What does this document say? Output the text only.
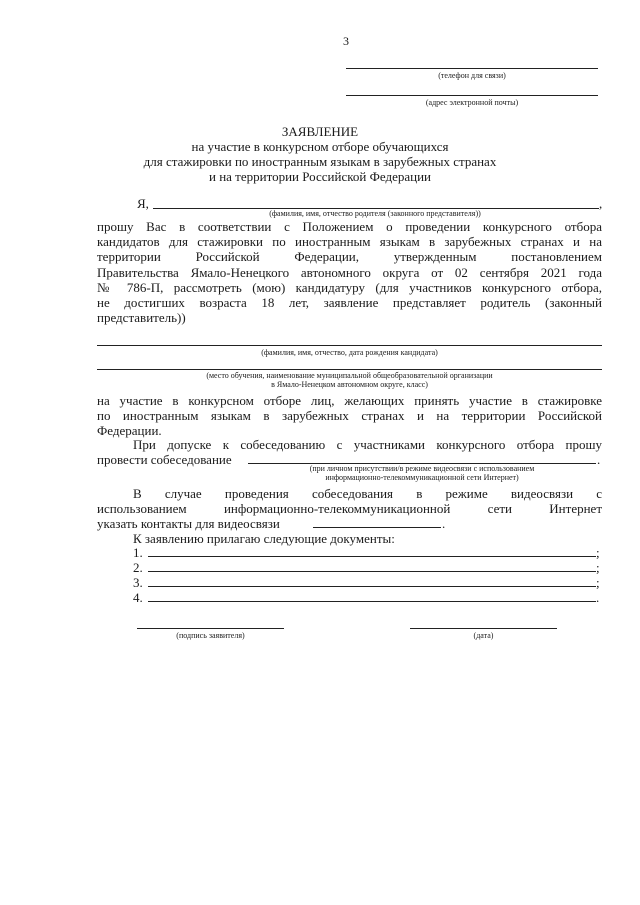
3
(телефон для связи)
(адрес электронной почты)
ЗАЯВЛЕНИЕ
на участие в конкурсном отборе обучающихся
для стажировки по иностранным языкам в зарубежных странах
и на территории Российской Федерации
Я,	,
(фамилия, имя, отчество родителя (законного представителя))
прошу Вас в соответствии с Положением о проведении конкурсного отбора
кандидатов для стажировки по иностранным языкам в зарубежных странах и на
территории Российской Федерации, утвержденным постановлением
Правительства Ямало-Ненецкого автономного округа от 02 сентября 2021 года
№ 786-П, рассмотреть (мою) кандидатуру (для участников конкурсного отбора,
не достигших возраста 18 лет, заявление представляет родитель (законный
представитель))
(фамилия, имя, отчество, дата рождения кандидата)
(место обучения, наименование муниципальной общеобразовательной организации
в Ямало-Ненецком автономном округе, класс)
на участие в конкурсном отборе лиц, желающих принять участие в стажировке
по иностранным языкам в зарубежных странах и на территории Российской
Федерации.
При допуске к собеседованию с участниками конкурсного отбора прошу
провести собеседование	.
(при личном присутствии/в режиме видеосвязи с использованием
информационно-телекоммуникационной сети Интернет)
В случае проведения собеседования в режиме видеосвязи с
использованием информационно-телекоммуникационной сети Интернет
указать контакты для видеосвязи	.
К заявлению прилагаю следующие документы:
1.	;
2.	;
3.	;
4.	.
(подпись заявителя)	(дата)
